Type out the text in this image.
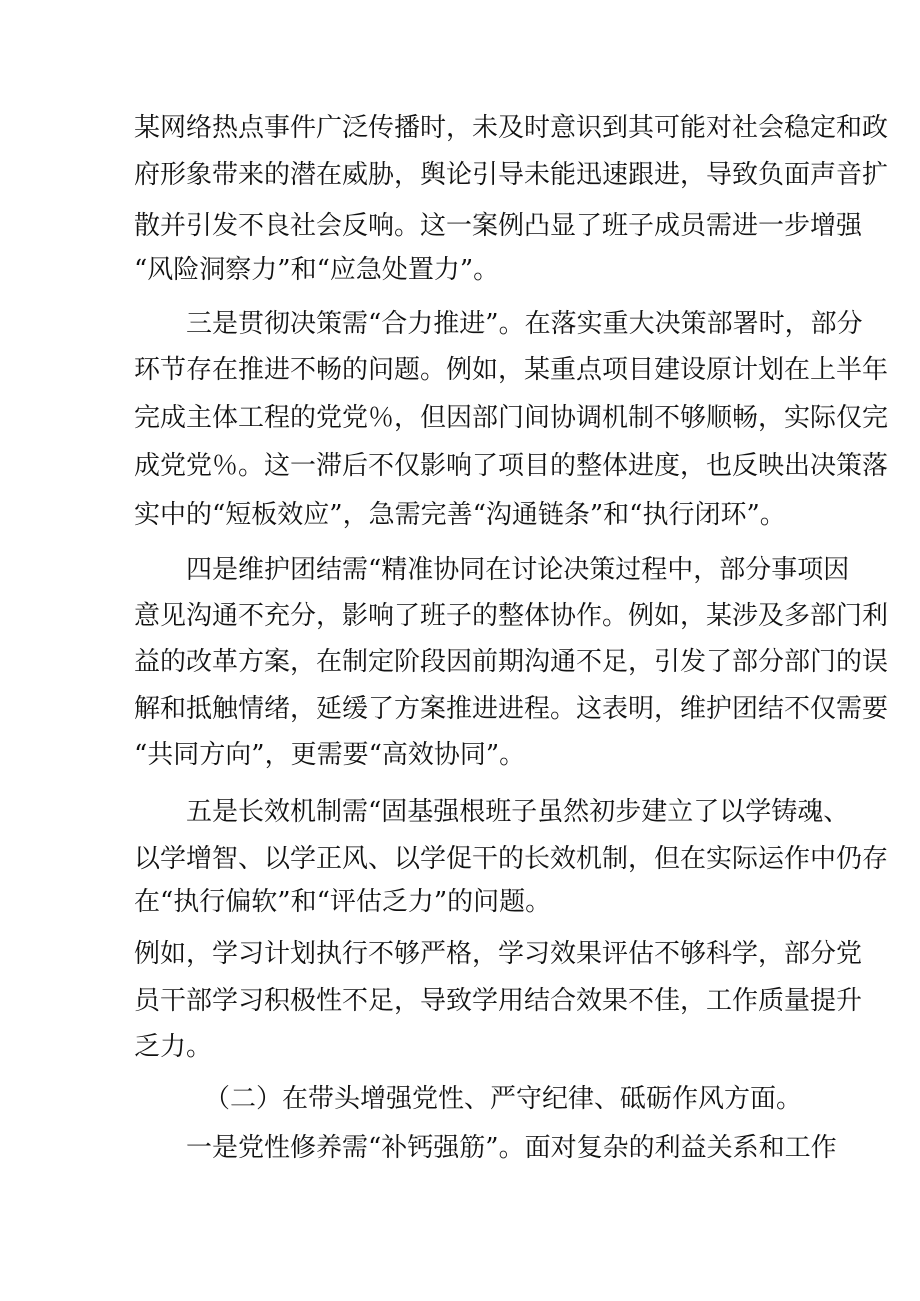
某网络热点事件广泛传播时，未及时意识到其可能对社会稳定和政
府形象带来的潜在威胁，舆论引导未能迅速跟进，导致负面声音扩
散并引发不良社会反响。这一案例凸显了班子成员需进一步增强
“风险洞察力”和“应急处置力”。
三是贯彻决策需“合力推进”。在落实重大决策部署时，部分
环节存在推进不畅的问题。例如，某重点项目建设原计划在上半年
完成主体工程的党党％，但因部门间协调机制不够顺畅，实际仅完
成党党％。这一滞后不仅影响了项目的整体进度，也反映出决策落
实中的“短板效应”，急需完善“沟通链条”和“执行闭环”。
四是维护团结需“精准协同在讨论决策过程中，部分事项因
意见沟通不充分，影响了班子的整体协作。例如，某涉及多部门利
益的改革方案，在制定阶段因前期沟通不足，引发了部分部门的误
解和抵触情绪，延缓了方案推进进程。这表明，维护团结不仅需要
“共同方向”，更需要“高效协同”。
五是长效机制需“固基强根班子虽然初步建立了以学铸魂、
以学增智、以学正风、以学促干的长效机制，但在实际运作中仍存
在“执行偏软”和“评估乏力”的问题。
例如，学习计划执行不够严格，学习效果评估不够科学，部分党
员干部学习积极性不足，导致学用结合效果不佳，工作质量提升
乏力。
（二）在带头增强党性、严守纪律、砥砺作风方面。
一是党性修养需“补钙强筋”。面对复杂的利益关系和工作
